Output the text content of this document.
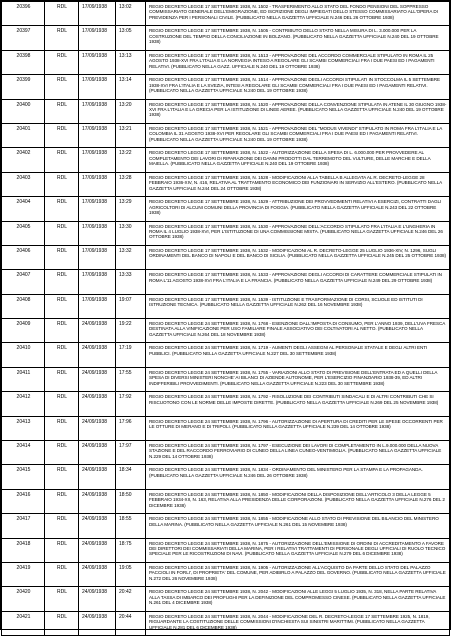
20396	RDL	17/09/1938	13:02	REGIO DECRETO LEGGE 17 SETTEMBRE 1938, N. 1502 - TRASFERIMENTO ALLO STATO DEL FONDO PENSIONI DEL SOPPRESSO COMMISSARIATO GENERALE DELL'EMIGRAZIONE, ED ISCRIZIONE DEGLI IMPIEGATI DELLO STESSO COMMISSARIATO ALL'OPERA DI PREVIDENZA PER I PERSONALI CIVILE. (PUBBLICATO NELLA GAZZETTA UFFICIALE N.246 DEL 26 OTTOBRE 1938)
20397	RDL	17/09/1938	13:05	REGIO DECRETO LEGGE 17 SETTEMBRE 1938, N. 1505 - CONTRIBUTO DELLO STATO NELLA MISURA DI L. 3.000.000 PER LA COSTRUZIONE DEL TEMPIO DELLA CONCILIAZIONE IN BOLZANO. (PUBBLICATO NELLA GAZZETTA UFFICIALE N.240 DEL 19 OTTOBRE 1938)
20398	RDL	17/09/1938	13:13	REGIO DECRETO LEGGE 17 SETTEMBRE 1938, N. 1513 - APPROVAZIONE DEL ACCORDO COMMERCIALE STIPULATO IN ROMA IL 25 AGOSTO 1938-XVI FRA L'ITALIA E LA NORVEGIA INTESO A REGOLARE GLI SCAMBI COMMERCIALI FRA I DUE PAESI ED I PAGAMENTI RELATIVI. (PUBBLICATO NELLA GAZZ. UFFICIALE N.240 DEL 19 OTTOBRE 1938)
20399	RDL	17/09/1938	13:14	REGIO DECRETO LEGGE 17 SETTEMBRE 1938, N. 1514 - APPROVAZIONE DEGLI ACCORDI STIPULATI IN STOCCOLMA IL 5 SETTEMBRE 1938-XVI FRA L'ITALIA E LA SVEZIA, INTESI A REGOLARE GLI SCAMBI COMMERCIALI FRA I DUE PAESI ED I PAGAMENTI RELATIVI. (PUBBLICATO NELLA GAZZETTA UFFICIALE N.240 DEL 19 OTTOBRE 1938)
20400	RDL	17/09/1938	13:20	REGIO DECRETO LEGGE 17 SETTEMBRE 1938, N. 1520 - APPROVAZIONE DELLA CONVENZIONE STIPULATA IN ATENE IL 30 GIUGNO 1938-XVI FRA L'ITALIA E LA GRECIA PER LA ISTITUZIONE DI LINEE AEREE. (PUBBLICATO NELLA GAZZETTA UFFICIALE N.240 DEL 19 OTTOBRE 1938)
20401	RDL	17/09/1938	13:21	REGIO DECRETO LEGGE 17 SETTEMBRE 1938, N. 1521 - APPROVAZIONE DEL "MODUS VIVENDI" STIPULATO IN ROMA FRA L'ITALIA E LA COLOMBIA IL 31 AGOSTO 1938-XVI PER REGOLARE GLI SCAMBI COMMERCIALI FRA I DUE PAESI ED I PAGAMENTI RELATIVI. (PUBBLICATO NELLA GAZZETTA UFFICIALE N.240 DEL 19 OTTOBRE 1938)
20402	RDL	17/09/1938	13:22	REGIO DECRETO LEGGE 17 SETTEMBRE 1938, N. 1522 - AUTORIZZAZIONE DELLA SPESA DI L. 6.000.000 PER PROVVEDERE AL COMPLETAMENTO DEI LAVORI DI RIPARAZIONE DEI DANNI PRODOTTI DAL TERREMOTO DEL VULTURE, DELLE MARCHE E DELLA MAIELLA. (PUBBLICATO NELLA GAZZETTA UFFICIALE N.240 DEL 19 OTTOBRE 1938)
20403	RDL	17/09/1938	13:28	REGIO DECRETO LEGGE 17 SETTEMBRE 1938, N. 1528 - MODIFICAZIONI ALLA TABELLA B ALLEGATA AL R. DECRETO-LEGGE 28 FEBBRAIO 1936-XIV, N. 416, RELATIVA AL TRATTAMENTO ECONOMICO DEI FUNZIONARI IN SERVIZIO ALL'ESTERO. (PUBBLICATO NELLA GAZZETTA UFFICIALE N.244 DEL 24 OTTOBRE 1938)
20404	RDL	17/09/1938	13:29	REGIO DECRETO LEGGE 17 SETTEMBRE 1938, N. 1529 - ATTRIBUZIONE DEI PROVVEDIMENTI RELATIVI A ESERCIZI, CONTRATTI DAGLI AGRICOLTORI DI ALCUNI COMUNI DELLA PROVINCIA DI FOGGIA. (PUBBLICATO NELLA GAZZETTA UFFICIALE N.243 DEL 22 OTTOBRE 1938)
20405	RDL	17/09/1938	13:30	REGIO DECRETO LEGGE 17 SETTEMBRE 1938, N. 1530 - APPROVAZIONE DELL'ACCORDO STIPULATO FRA L'ITALIA E L'UNGHERIA IN ROMA IL 4 LUGLIO 1938-XVI, PER L'ISTITUZIONE DI UNA COMMISSIONE MISTA. (PUBBLICATO NELLA GAZZETTA UFFICIALE N.246 DEL 26 OTTOBRE 1938)
20406	RDL	17/09/1938	13:32	REGIO DECRETO LEGGE 17 SETTEMBRE 1938, N. 1532 - MODIFICAZIONI AL R. DECRETO-LEGGE 25 LUGLIO 1936-XIV, N. 1296, SUGLI ORDINAMENTI DEL BANCO DI NAPOLI E DEL BANCO DI SICILIA. (PUBBLICATO NELLA GAZZETTA UFFICIALE N.245 DEL 25 OTTOBRE 1938)
20407	RDL	17/09/1938	13:33	REGIO DECRETO LEGGE 17 SETTEMBRE 1938, N. 1533 - APPROVAZIONE DEGLI ACCORDI DI CARATTERE COMMERCIALE STIPULATI IN ROMA L'11 AGOSTO 1938-XVI FRA L'ITALIA E LA FRANCIA. (PUBBLICATO NELLA GAZZETTA UFFICIALE N.249 DEL 29 OTTOBRE 1938)
20408	RDL	17/09/1938	19:07	REGIO DECRETO LEGGE 17 SETTEMBRE 1938, N. 1539 - ISTITUZIONE E TRASFORMAZIONE DI CORSI, SCUOLE ED ISTITUTI DI ISTRUZIONE TECNICA. (PUBBLICATO NELLA GAZZETTA UFFICIALE N.262 DEL 16 NOVEMBRE 1938)
20409	RDL	24/09/1938	19:22	REGIO DECRETO LEGGE 24 SETTEMBRE 1938, N. 1768 - ESENZIONE DALL'IMPOSTA DI CONSUMO, PER L'ANNO 1939, DELL'UVA FRESCA DESTINATA ALLA VINIFICAZIONE PER USO FAMILIARE FINALE ASSOCIATIVO DEI COLTIVATORI AL NETTO. (PUBBLICATO NELLA GAZZETTA UFFICIALE N.264 DEL 18 NOVEMBRE 1938)
20410	RDL	24/09/1938	17:19	REGIO DECRETO LEGGE 24 SETTEMBRE 1938, N. 1719 - AUMENTI DEGLI ASSEGNI AL PERSONALE STATALE E DEGLI ALTRI ENTI PUBBLICI. (PUBBLICATO NELLA GAZZETTA UFFICIALE N.227 DEL 30 SETTEMBRE 1938)
20411	RDL	24/09/1938	17:55	REGIO DECRETO LEGGE 24 SETTEMBRE 1938, N. 1755 - VARIAZIONI ALLO STATO DI PREVISIONE DELL'ENTRATA ED A QUELLI DELLA SPESA DI DIVERSI MINISTERI NONCHE' AI BILANCI DI AZIENDE AUTONOME, PER L'ESERCIZIO FINANZIARIO 1938-39, ED ALTRI INDIFFERIBILI PROVVEDIMENTI. (PUBBLICATO NELLA GAZZETTA UFFICIALE N.223 DEL 30 SETTEMBRE 1938)
20412	RDL	24/09/1938	17:92	REGIO DECRETO LEGGE 24 SETTEMBRE 1938, N. 1792 - RISOLUZIONE DEI CONTRIBUTI SINDACALI E DI ALTRI CONTRIBUTI CHE SI RISCUOTONO CON LE NORME DELLE IMPOSTE DIRETTE. (PUBBLICATO NELLA GAZZETTA UFFICIALE N.269 DEL 25 NOVEMBRE 1938)
20413	RDL	24/09/1938	17:96	REGIO DECRETO LEGGE 24 SETTEMBRE 1938, N. 1796 - AUTORIZZAZIONE DI APERTURA DI CREDITI PER LE SPESE OCCORRENTI PER LE OTTURE DI MERANO E DI TRIPOLI. (PUBBLICATO NELLA GAZZETTA UFFICIALE N.239 DEL 14 OTTOBRE 1938)
20414	RDL	24/09/1938	17:97	REGIO DECRETO LEGGE 24 SETTEMBRE 1938, N. 1797 - ESECUZIONE DEI LAVORI DI COMPLETAMENTO IN L.9.000.000 DELLA NUOVA STAZIONE E DEL RACCORDO FERROVIARIO DI CUNEO DELLA LINEA CUNEO-VENTIMIGLIA. (PUBBLICATO NELLA GAZZETTA UFFICIALE N.229 DEL 14 OTTOBRE 1938)
20415	RDL	24/09/1938	18:34	REGIO DECRETO LEGGE 24 SETTEMBRE 1938, N. 1834 - ORDINAMENTO DEL MINISTERO PER LA STAMPA E LA PROPAGANDA. (PUBBLICATO NELLA GAZZETTA UFFICIALE N.246 DEL 26 OTTOBRE 1938)
20416	RDL	24/09/1938	18:50	REGIO DECRETO LEGGE 24 SETTEMBRE 1938, N. 1850 - MODIFICAZIONI DELLA DISPOSIZIONE DELL'ARTICOLO 3 DELLA LEGGE 5 FEBBRAIO 1934-XII, N. 163, RELATIVA ALLA PRESIDENZA DELLE CORPORAZIONI. (PUBBLICATO NELLA GAZZETTA UFFICIALE N.276 DEL 2 DICEMBRE 1938)
20417	RDL	24/09/1938	18:55	REGIO DECRETO LEGGE 24 SETTEMBRE 1938, N. 1855 - MODIFICAZIONE ALLO STATO DI PREVISIONE DEL BILANCIO DEL MINISTERO DELLA MARINA. (PUBBLICATO NELLA GAZZETTA UFFICIALE N.261 DEL 15 NOVEMBRE 1938)
20418	RDL	24/09/1938	18:75	REGIO DECRETO LEGGE 24 SETTEMBRE 1938, N. 1875 - AUTORIZZAZIONE DELL'EMISSIONE DI ORDINI DI ACCREDITAMENTO A FAVORE DEI DIRETTORI DEI COMMISSARIATI DELLA MARINA, PER I RELATIVI TRATTAMENTI DI PERSONALE DEGLI UFFICIALI DI RUOLO TECNICO SPECIALE PER LE RICOSTRUZIONI DI NAVI. (PUBBLICATO NELLA GAZZETTA UFFICIALE N.279 DEL 6 DICEMBRE 1938)
20419	RDL	24/09/1938	19:05	REGIO DECRETO LEGGE 24 SETTEMBRE 1938, N. 1905 - AUTORIZZAZIONE ALL'ACQUISTO DA PARTE DELLO STATO DEL PALAZZO PACCIOLI IN FORLI', DI PROPRIETA' DEL COMUNE, PER ADIBIRLO A PALAZZO DEL GOVERNO. (PUBBLICATO NELLA GAZZETTA UFFICIALE N.272 DEL 26 NOVEMBRE 1938)
20420	RDL	24/09/1938	20:42	REGIO DECRETO LEGGE 24 SETTEMBRE 1938, N. 2042 - MODIFICAZIONI ALLE LEGGI 5 LUGLIO 1935, N. 318, NELLA PARTE RELATIVA ALLA TASSA DI IMBARCO DEI PROFUGHI PER LA DEFINIZIONE DEL COMPROMESSO CINESE. (PUBBLICATO NELLA GAZZETTA UFFICIALE N.261 DEL 4 DICEMBRE 1938)
20421	RDL	24/09/1938	20:44	REGIO DECRETO LEGGE 24 SETTEMBRE 1938, N. 2044 - MODIFICAZIONE DEL R. DECRETO-LEGGE 17 SETTEMBRE 1925, N. 1819, RIGUARDANTE LA COSTITUZIONE DELLE COMMISSIONI D'INCHIESTA SUI SINISTRI MARITTIMI. (PUBBLICATO NELLA GAZZETTA UFFICIALE N.281 DEL 6 DICEMBRE 1938)
